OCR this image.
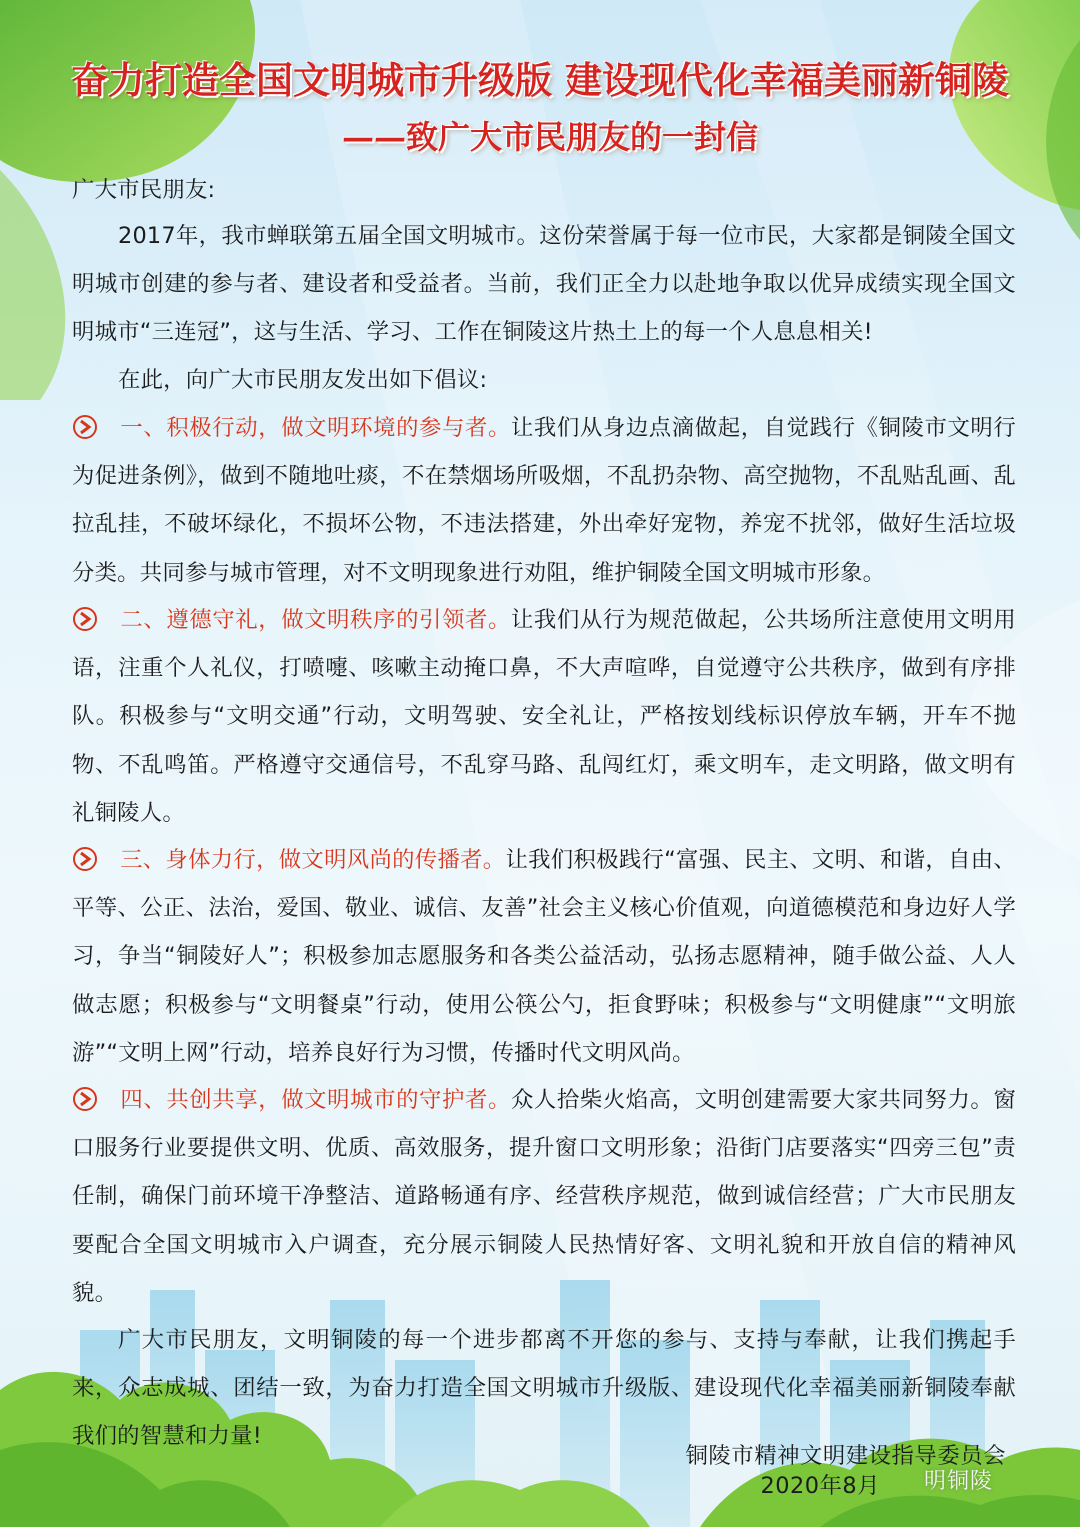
奋力打造全国文明城市升级版 建设现代化幸福美丽新铜陵
——致广大市民朋友的一封信

广大市民朋友:

2017年，我市蝉联第五届全国文明城市。这份荣誉属于每一位市民，大家都是铜陵全国文明城市创建的参与者、建设者和受益者。当前，我们正全力以赴地争取以优异成绩实现全国文明城市“三连冠”，这与生活、学习、工作在铜陵这片热土上的每一个人息息相关!

在此，向广大市民朋友发出如下倡议:

一、积极行动，做文明环境的参与者。让我们从身边点滴做起，自觉践行《铜陵市文明行为促进条例》，做到不随地吐痰，不在禁烟场所吸烟，不乱扔杂物、高空抛物，不乱贴乱画、乱拉乱挂，不破坏绿化，不损坏公物，不违法搭建，外出牵好宠物，养宠不扰邻，做好生活垃圾分类。共同参与城市管理，对不文明现象进行劝阻，维护铜陵全国文明城市形象。

二、遵德守礼，做文明秩序的引领者。让我们从行为规范做起，公共场所注意使用文明用语，注重个人礼仪，打喷嚏、咳嗽主动掩口鼻，不大声喧哗，自觉遵守公共秩序，做到有序排队。积极参与“文明交通”行动，文明驾驶、安全礼让，严格按划线标识停放车辆，开车不抛物、不乱鸣笛。严格遵守交通信号，不乱穿马路、乱闯红灯，乘文明车，走文明路，做文明有礼铜陵人。

三、身体力行，做文明风尚的传播者。让我们积极践行“富强、民主、文明、和谐，自由、平等、公正、法治，爱国、敬业、诚信、友善”社会主义核心价值观，向道德模范和身边好人学习，争当“铜陵好人”；积极参加志愿服务和各类公益活动，弘扬志愿精神，随手做公益、人人做志愿；积极参与“文明餐桌”行动，使用公筷公勺，拒食野味；积极参与“文明健康”“文明旅游”“文明上网”行动，培养良好行为习惯，传播时代文明风尚。

四、共创共享，做文明城市的守护者。众人拾柴火焰高，文明创建需要大家共同努力。窗口服务行业要提供文明、优质、高效服务，提升窗口文明形象；沿街门店要落实“四旁三包”责任制，确保门前环境干净整洁、道路畅通有序、经营秩序规范，做到诚信经营；广大市民朋友要配合全国文明城市入户调查，充分展示铜陵人民热情好客、文明礼貌和开放自信的精神风貌。

广大市民朋友，文明铜陵的每一个进步都离不开您的参与、支持与奉献，让我们携起手来，众志成城、团结一致，为奋力打造全国文明城市升级版、建设现代化幸福美丽新铜陵奉献我们的智慧和力量!

铜陵市精神文明建设指导委员会
2020年8月 明铜陵
